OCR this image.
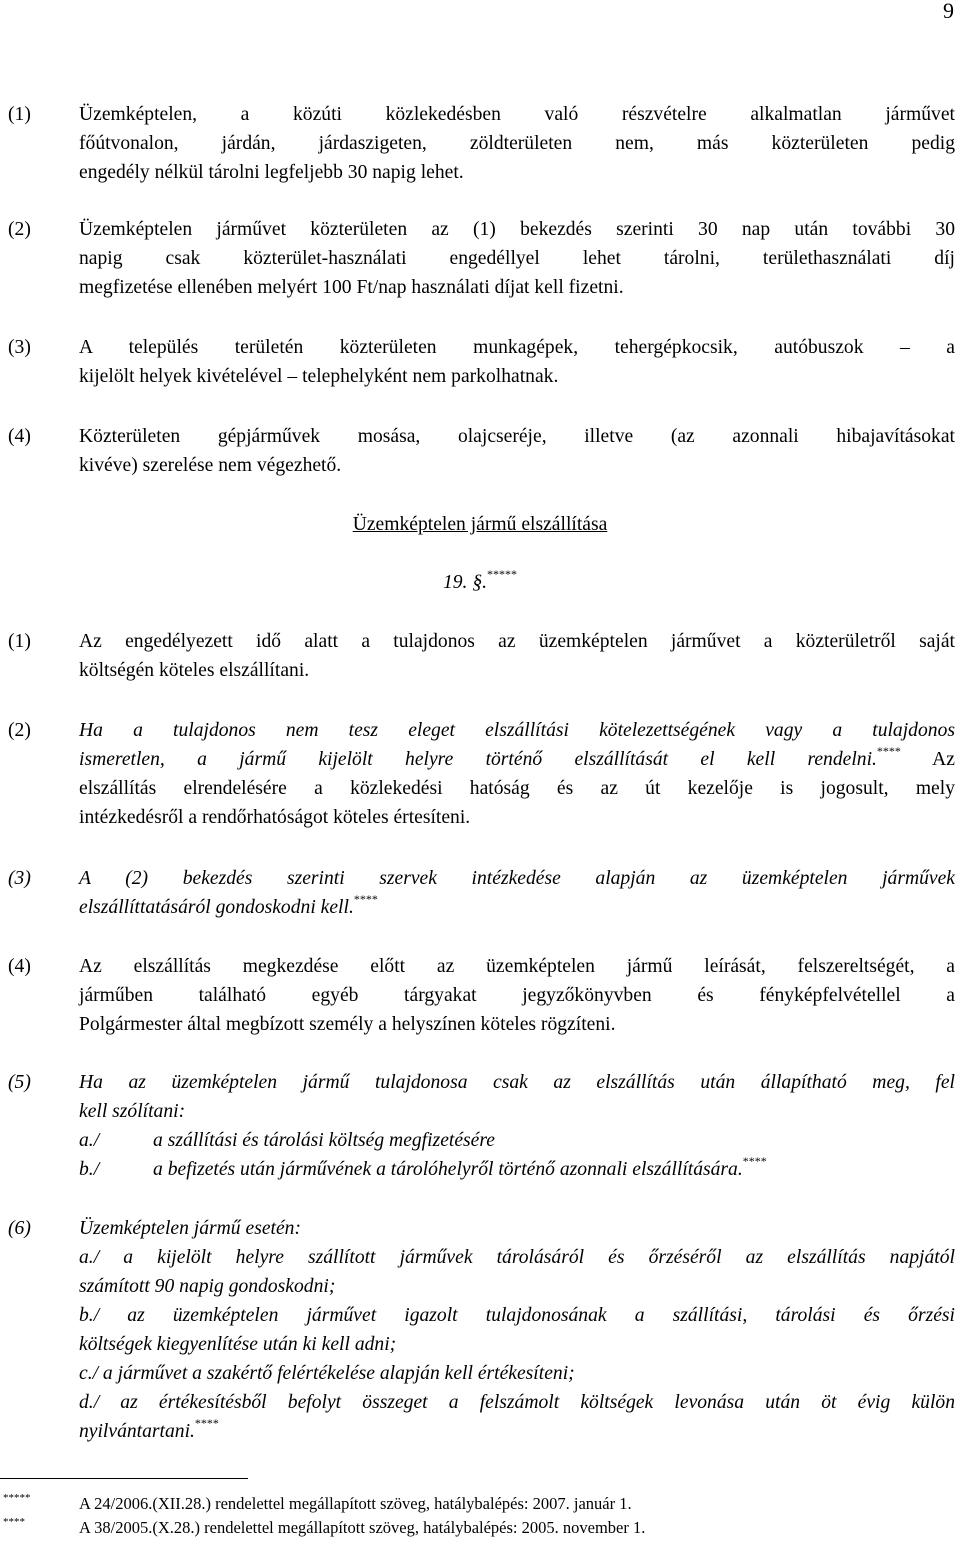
9
(1) Üzemképtelen, a közúti közlekedésben való részvételre alkalmatlan járművet
főútvonalon, járdán, járdaszigeten, zöldterületen nem, más közterületen pedig
engedély nélkül tárolni legfeljebb 30 napig lehet.
(2) Üzemképtelen járművet közterületen az (1) bekezdés szerinti 30 nap után további 30
napig csak közterület-használati engedéllyel lehet tárolni, területhasználati díj
megfizetése ellenében melyért 100 Ft/nap használati díjat kell fizetni.
(3) A település területén közterületen munkagépek, tehergépkocsik, autóbuszok – a
kijelölt helyek kivételével – telephelyként nem parkolhatnak.
(4) Közterületen gépjárművek mosása, olajcseréje, illetve (az azonnali hibajavításokat
kivéve) szerelése nem végezhető.
Üzemképtelen jármű elszállítása
19. §.*****
(1) Az engedélyezett idő alatt a tulajdonos az üzemképtelen járművet a közterületről saját
költségén köteles elszállítani.
(2) Ha a tulajdonos nem tesz eleget elszállítási kötelezettségének vagy a tulajdonos
ismeretlen, a jármű kijelölt helyre történő elszállítását el kell rendelni.**** Az
elszállítás elrendelésére a közlekedési hatóság és az út kezelője is jogosult, mely
intézkedésről a rendőrhatóságot köteles értesíteni.
(3) A (2) bekezdés szerinti szervek intézkedése alapján az üzemképtelen járművek
elszállíttatásáról gondoskodni kell.****
(4) Az elszállítás megkezdése előtt az üzemképtelen jármű leírását, felszereltségét, a
járműben található egyéb tárgyakat jegyzőkönyvben és fényképfelvétellel a
Polgármester által megbízott személy a helyszínen köteles rögzíteni.
(5) Ha az üzemképtelen jármű tulajdonosa csak az elszállítás után állapítható meg, fel
kell szólítani:
a./	a szállítási és tárolási költség megfizetésére
b./	a befizetés után járművének a tárolóhelyről történő azonnali elszállítására.****
(6) Üzemképtelen jármű esetén:
a./ a kijelölt helyre szállított járművek tárolásáról és őrzéséről az elszállítás napjától
számított 90 napig gondoskodni;
b./ az üzemképtelen járművet igazolt tulajdonosának a szállítási, tárolási és őrzési
költségek kiegyenlítése után ki kell adni;
c./ a járművet a szakértő felértékelése alapján kell értékesíteni;
d./ az értékesítésből befolyt összeget a felszámolt költségek levonása után öt évig külön
nyilvántartani.****
*****	A 24/2006.(XII.28.) rendelettel megállapított szöveg, hatálybalépés: 2007. január 1.
****	A 38/2005.(X.28.) rendelettel megállapított szöveg, hatálybalépés: 2005. november 1.
